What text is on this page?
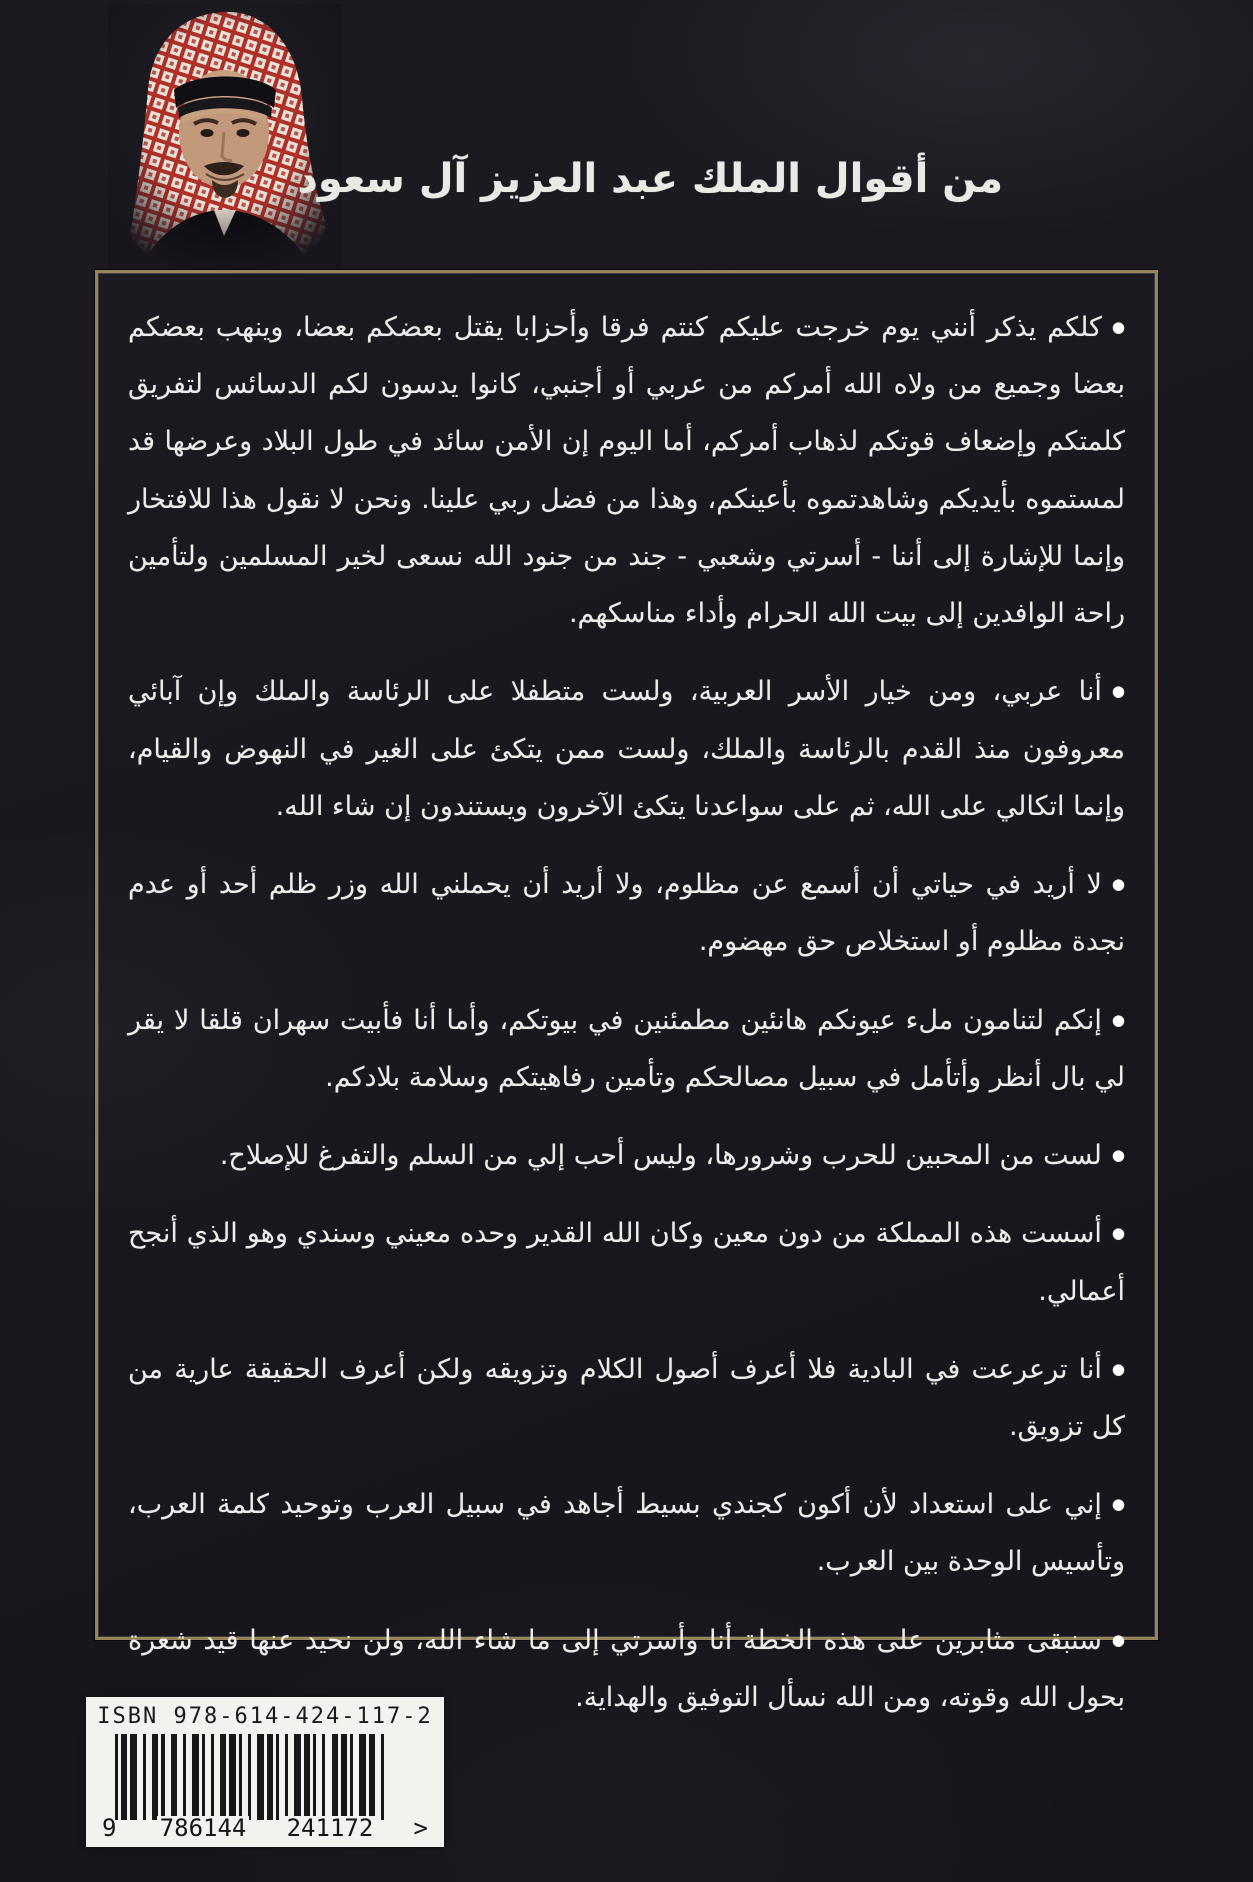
من أقوال الملك عبد العزيز آل سعود

●كلكم يذكر أنني يوم خرجت عليكم كنتم فرقا وأحزابا يقتل بعضكم بعضا، وينهب بعضكم بعضا وجميع من ولاه الله أمركم من عربي أو أجنبي، كانوا يدسون لكم الدسائس لتفريق كلمتكم وإضعاف قوتكم لذهاب أمركم، أما اليوم إن الأمن سائد في طول البلاد وعرضها قد لمستموه بأيديكم وشاهدتموه بأعينكم، وهذا من فضل ربي علينا. ونحن لا نقول هذا للافتخار وإنما للإشارة إلى أننا - أسرتي وشعبي - جند من جنود الله نسعى لخير المسلمين ولتأمين راحة الوافدين إلى بيت الله الحرام وأداء مناسكهم.

●أنا عربي، ومن خيار الأسر العربية، ولست متطفلا على الرئاسة والملك وإن آبائي معروفون منذ القدم بالرئاسة والملك، ولست ممن يتكئ على الغير في النهوض والقيام، وإنما اتكالي على الله، ثم على سواعدنا يتكئ الآخرون ويستندون إن شاء الله.

●لا أريد في حياتي أن أسمع عن مظلوم، ولا أريد أن يحملني الله وزر ظلم أحد أو عدم نجدة مظلوم أو استخلاص حق مهضوم.

●إنكم لتنامون ملء عيونكم هانئين مطمئنين في بيوتكم، وأما أنا فأبيت سهران قلقا لا يقر لي بال أنظر وأتأمل في سبيل مصالحكم وتأمين رفاهيتكم وسلامة بلادكم.

●لست من المحبين للحرب وشرورها، وليس أحب إلي من السلم والتفرغ للإصلاح.

●أسست هذه المملكة من دون معين وكان الله القدير وحده معيني وسندي وهو الذي أنجح أعمالي.

●أنا ترعرعت في البادية فلا أعرف أصول الكلام وتزويقه ولكن أعرف الحقيقة عارية من كل تزويق.

●إني على استعداد لأن أكون كجندي بسيط أجاهد في سبيل العرب وتوحيد كلمة العرب، وتأسيس الوحدة بين العرب.

●سنبقى مثابرين على هذه الخطة أنا وأسرتي إلى ما شاء الله، ولن نحيد عنها قيد شعرة بحول الله وقوته، ومن الله نسأل التوفيق والهداية.

ISBN 978-614-424-117-2
9 786144 241172 >
